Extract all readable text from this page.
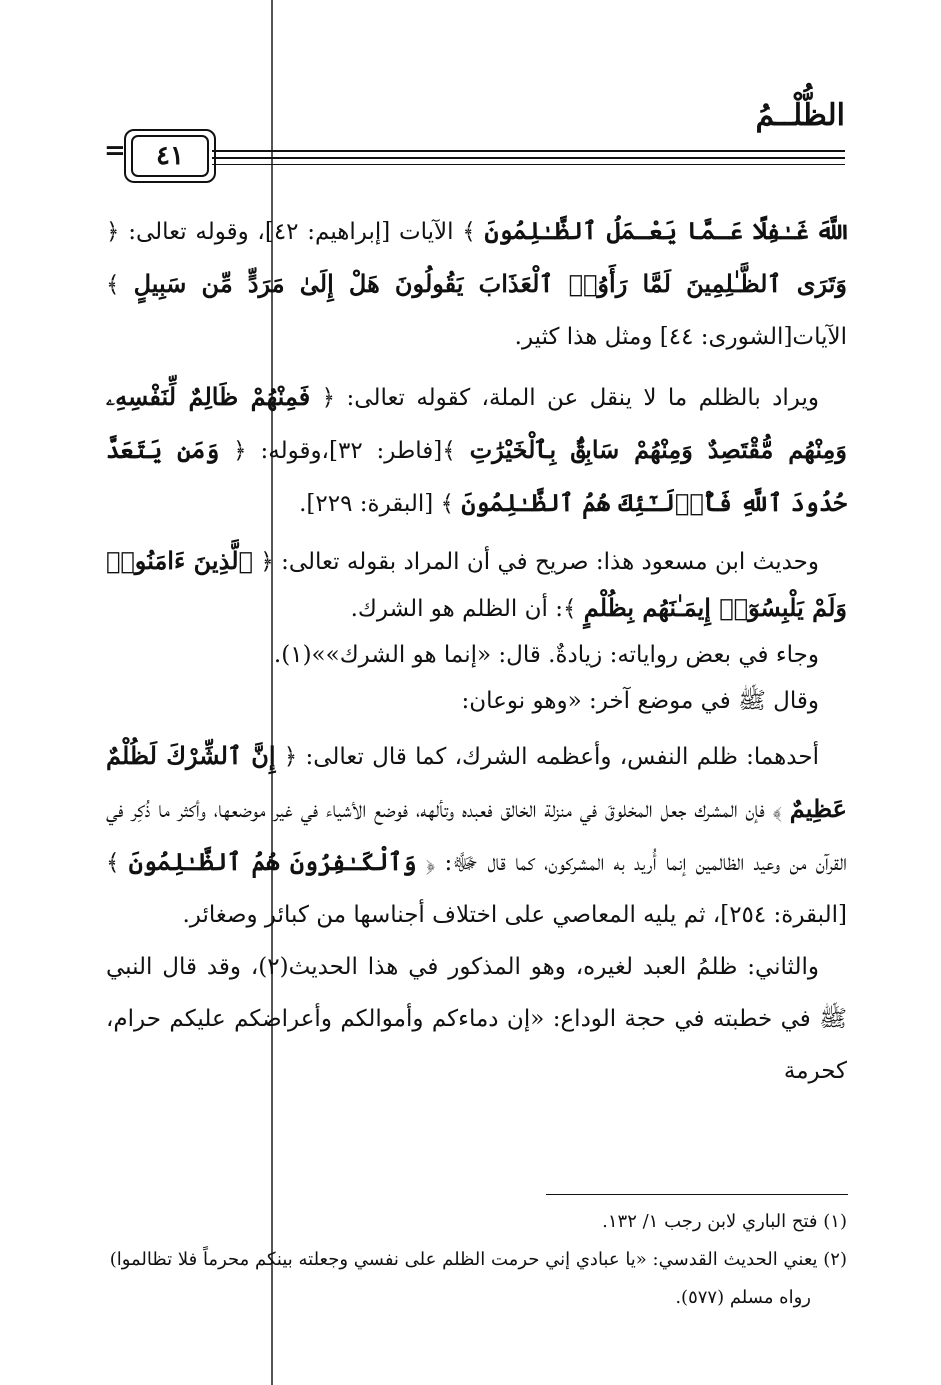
الظُّلْــمُ
=	٤١

اللَّهَ غَـٰفِلًا عَـمَّا يَعْـمَلُ ٱلظَّـٰلِمُونَ ﴾ الآيات [إبراهيم: ٤٢]، وقوله تعالى: ﴿ وَتَرَى ٱلظَّـٰلِمِينَ لَمَّا رَأَوُا۟ ٱلْعَذَابَ يَقُولُونَ هَلْ إِلَىٰ مَرَدٍّ مِّن سَبِيلٍ ﴾الآيات[الشورى: ٤٤] ومثل هذا كثير.

ويراد بالظلم ما لا ينقل عن الملة، كقوله تعالى: ﴿ فَمِنْهُمْ ظَالِمٌ لِّنَفْسِهِۦ وَمِنْهُم مُّقْتَصِدٌ وَمِنْهُمْ سَابِقٌۢ بِٱلْخَيْرَٰتِ ﴾[فاطر: ٣٢]،وقوله: ﴿ وَمَن يَتَعَدَّ حُدُودَ ٱللَّهِ فَأُو۟لَـٰٓئِكَ هُمُ ٱلظَّـٰلِمُونَ ﴾ [البقرة: ٢٢٩].

وحديث ابن مسعود هذا: صريح في أن المراد بقوله تعالى: ﴿ ٱلَّذِينَ ءَامَنُوا۟ وَلَمْ يَلْبِسُوٓا۟ إِيمَـٰنَهُم بِظُلْمٍ ﴾: أن الظلم هو الشرك.

وجاء في بعض رواياته: زيادةٌ. قال: «إنما هو الشرك»»(١).

وقال ﷺ في موضع آخر: «وهو نوعان:

أحدهما: ظلم النفس، وأعظمه الشرك، كما قال تعالى: ﴿ إِنَّ ٱلشِّرْكَ لَظُلْمٌ عَظِيمٌ ﴾ فإن المشرك جعل المخلوقَ في منزلة الخالق فعبده وتألهه، فوضع الأشياء في غير موضعها، وأكثر ما ذُكِر في القرآن من وعيد الظالمين إنما أُريد به المشركون، كما قال ﷻ: ﴿ وَٱلْكَـٰفِرُونَ هُمُ ٱلظَّـٰلِمُونَ ﴾ [البقرة: ٢٥٤]، ثم يليه المعاصي على اختلاف أجناسها من كبائر وصغائر.

والثاني: ظلمُ العبد لغيره، وهو المذكور في هذا الحديث(٢)، وقد قال النبي ﷺ في خطبته في حجة الوداع: «إن دماءكم وأموالكم وأعراضكم عليكم حرام، كحرمة

(١) فتح الباري لابن رجب ١/ ١٣٢.
(٢) يعني الحديث القدسي: «يا عبادي إني حرمت الظلم على نفسي وجعلته بينكم محرماً فلا تظالموا)
رواه مسلم (٥٧٧).
